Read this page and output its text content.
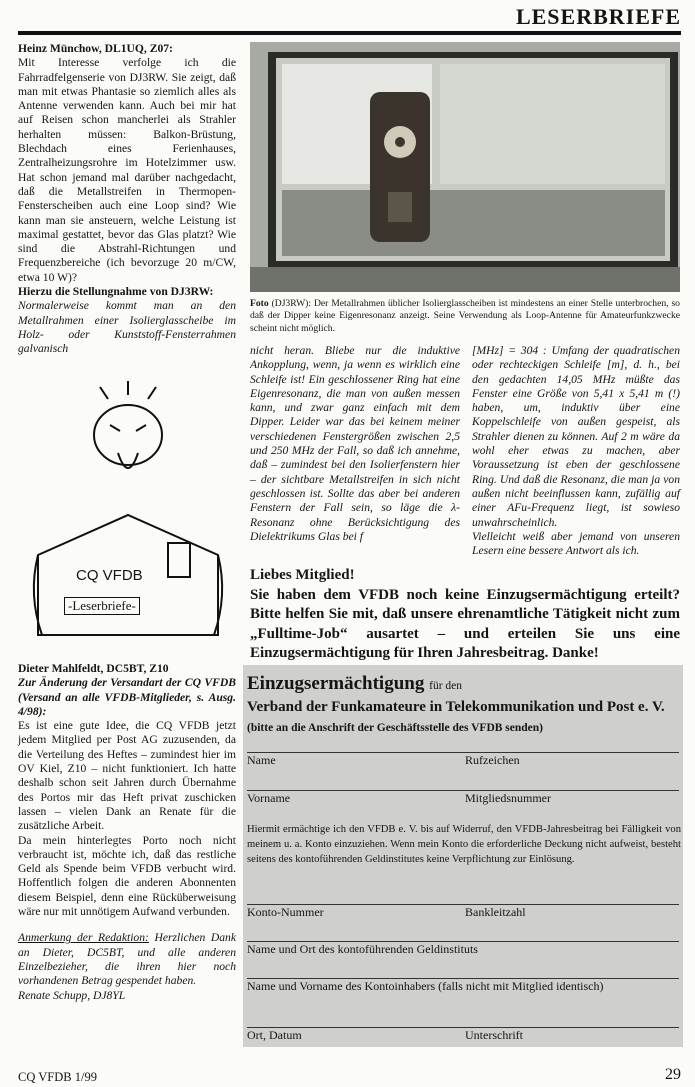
LESERBRIEFE

Heinz Münchow, DL1UQ, Z07:

Mit Interesse verfolge ich die Fahrradfelgenserie von DJ3RW. Sie zeigt, daß man mit etwas Phantasie so ziemlich alles als Antenne verwenden kann. Auch bei mir hat auf Reisen schon mancherlei als Strahler herhalten müssen: Balkon-Brüstung, Blechdach eines Ferienhauses, Zentralheizungsrohre im Hotelzimmer usw. Hat schon jemand mal darüber nachgedacht, daß die Metallstreifen in Thermopen-Fensterscheiben auch eine Loop sind? Wie kann man sie ansteuern, welche Leistung ist maximal gestattet, bevor das Glas platzt? Wie sind die Abstrahl-Richtungen und Frequenzbereiche (ich bevorzuge 20 m/CW, etwa 10 W)?

Hierzu die Stellungnahme von DJ3RW:

Normalerweise kommt man an den Metallrahmen einer Isolierglasscheibe im Holz- oder Kunststoff-Fensterrahmen galvanisch

Foto (DJ3RW): Der Metallrahmen üblicher Isolierglasscheiben ist mindestens an einer Stelle unterbrochen, so daß der Dipper keine Eigenresonanz anzeigt. Seine Verwendung als Loop-Antenne für Amateurfunkzwecke scheint nicht möglich.
nicht heran. Bliebe nur die induktive Ankopplung, wenn, ja wenn es wirklich eine Schleife ist! Ein geschlossener Ring hat eine Eigenresonanz, die man von außen messen kann, und zwar ganz einfach mit dem Dipper. Leider war das bei keinem meiner verschiedenen Fenstergrößen zwischen 2,5 und 250 MHz der Fall, so daß ich annehme, daß – zumindest bei den Isolierfenstern hier – der sichtbare Metallstreifen in sich nicht geschlossen ist. Sollte das aber bei anderen Fenstern der Fall sein, so läge die λ-Resonanz ohne Berücksichtigung des Dielektrikums Glas bei f

[MHz] = 304 : Umfang der quadratischen oder rechteckigen Schleife [m], d. h., bei den gedachten 14,05 MHz müßte das Fenster eine Größe von 5,41 x 5,41 m (!) haben, um, induktiv über eine Koppelschleife von außen gespeist, als Strahler dienen zu können. Auf 2 m wäre da wohl eher etwas zu machen, aber Voraussetzung ist eben der geschlossene Ring. Und daß die Resonanz, die man ja von außen nicht beeinflussen kann, zufällig auf einer AFu-Frequenz liegt, ist sowieso unwahrscheinlich.

Vielleicht weiß aber jemand von unseren Lesern eine bessere Antwort als ich.

CQ VFDB
-Leserbriefe-

Dieter Mahlfeldt, DC5BT, Z10

Zur Änderung der Versandart der CQ VFDB (Versand an alle VFDB-Mitglieder, s. Ausg. 4/98):

Es ist eine gute Idee, die CQ VFDB jetzt jedem Mitglied per Post AG zuzusenden, da die Verteilung des Heftes – zumindest hier im OV Kiel, Z10 – nicht funktioniert. Ich hatte deshalb schon seit Jahren durch Übernahme des Portos mir das Heft privat zuschicken lassen – vielen Dank an Renate für die zusätzliche Arbeit.

Da mein hinterlegtes Porto noch nicht verbraucht ist, möchte ich, daß das restliche Geld als Spende beim VFDB verbucht wird. Hoffentlich folgen die anderen Abonnenten diesem Beispiel, denn eine Rücküberweisung wäre nur mit unnötigem Aufwand verbunden.

Anmerkung der Redaktion: Herzlichen Dank an Dieter, DC5BT, und alle anderen Einzelbezieher, die ihren hier noch vorhandenen Betrag gespendet haben.

Renate Schupp, DJ8YL

Liebes Mitglied!
Sie haben dem VFDB noch keine Einzugsermächtigung erteilt? Bitte helfen Sie mit, daß unsere ehrenamtliche Tätigkeit nicht zum „Fulltime-Job“ ausartet – und erteilen Sie uns eine Einzugsermächtigung für Ihren Jahresbeitrag. Danke!
Einzugsermächtigung für den
Verband der Funkamateure in Telekommunikation und Post e. V. (bitte an die Anschrift der Geschäftsstelle des VFDB senden)
Name	Rufzeichen
Vorname	Mitgliedsnummer
Hiermit ermächtige ich den VFDB e. V. bis auf Widerruf, den VFDB-Jahresbeitrag bei Fälligkeit von meinem u. a. Konto einzuziehen. Wenn mein Konto die erforderliche Deckung nicht aufweist, besteht seitens des kontoführenden Geldinstitutes keine Verpflichtung zur Einlösung.
Konto-Nummer	Bankleitzahl
Name und Ort des kontoführenden Geldinstituts
Name und Vorname des Kontoinhabers (falls nicht mit Mitglied identisch)
Ort, Datum	Unterschrift
CQ VFDB 1/99	29
